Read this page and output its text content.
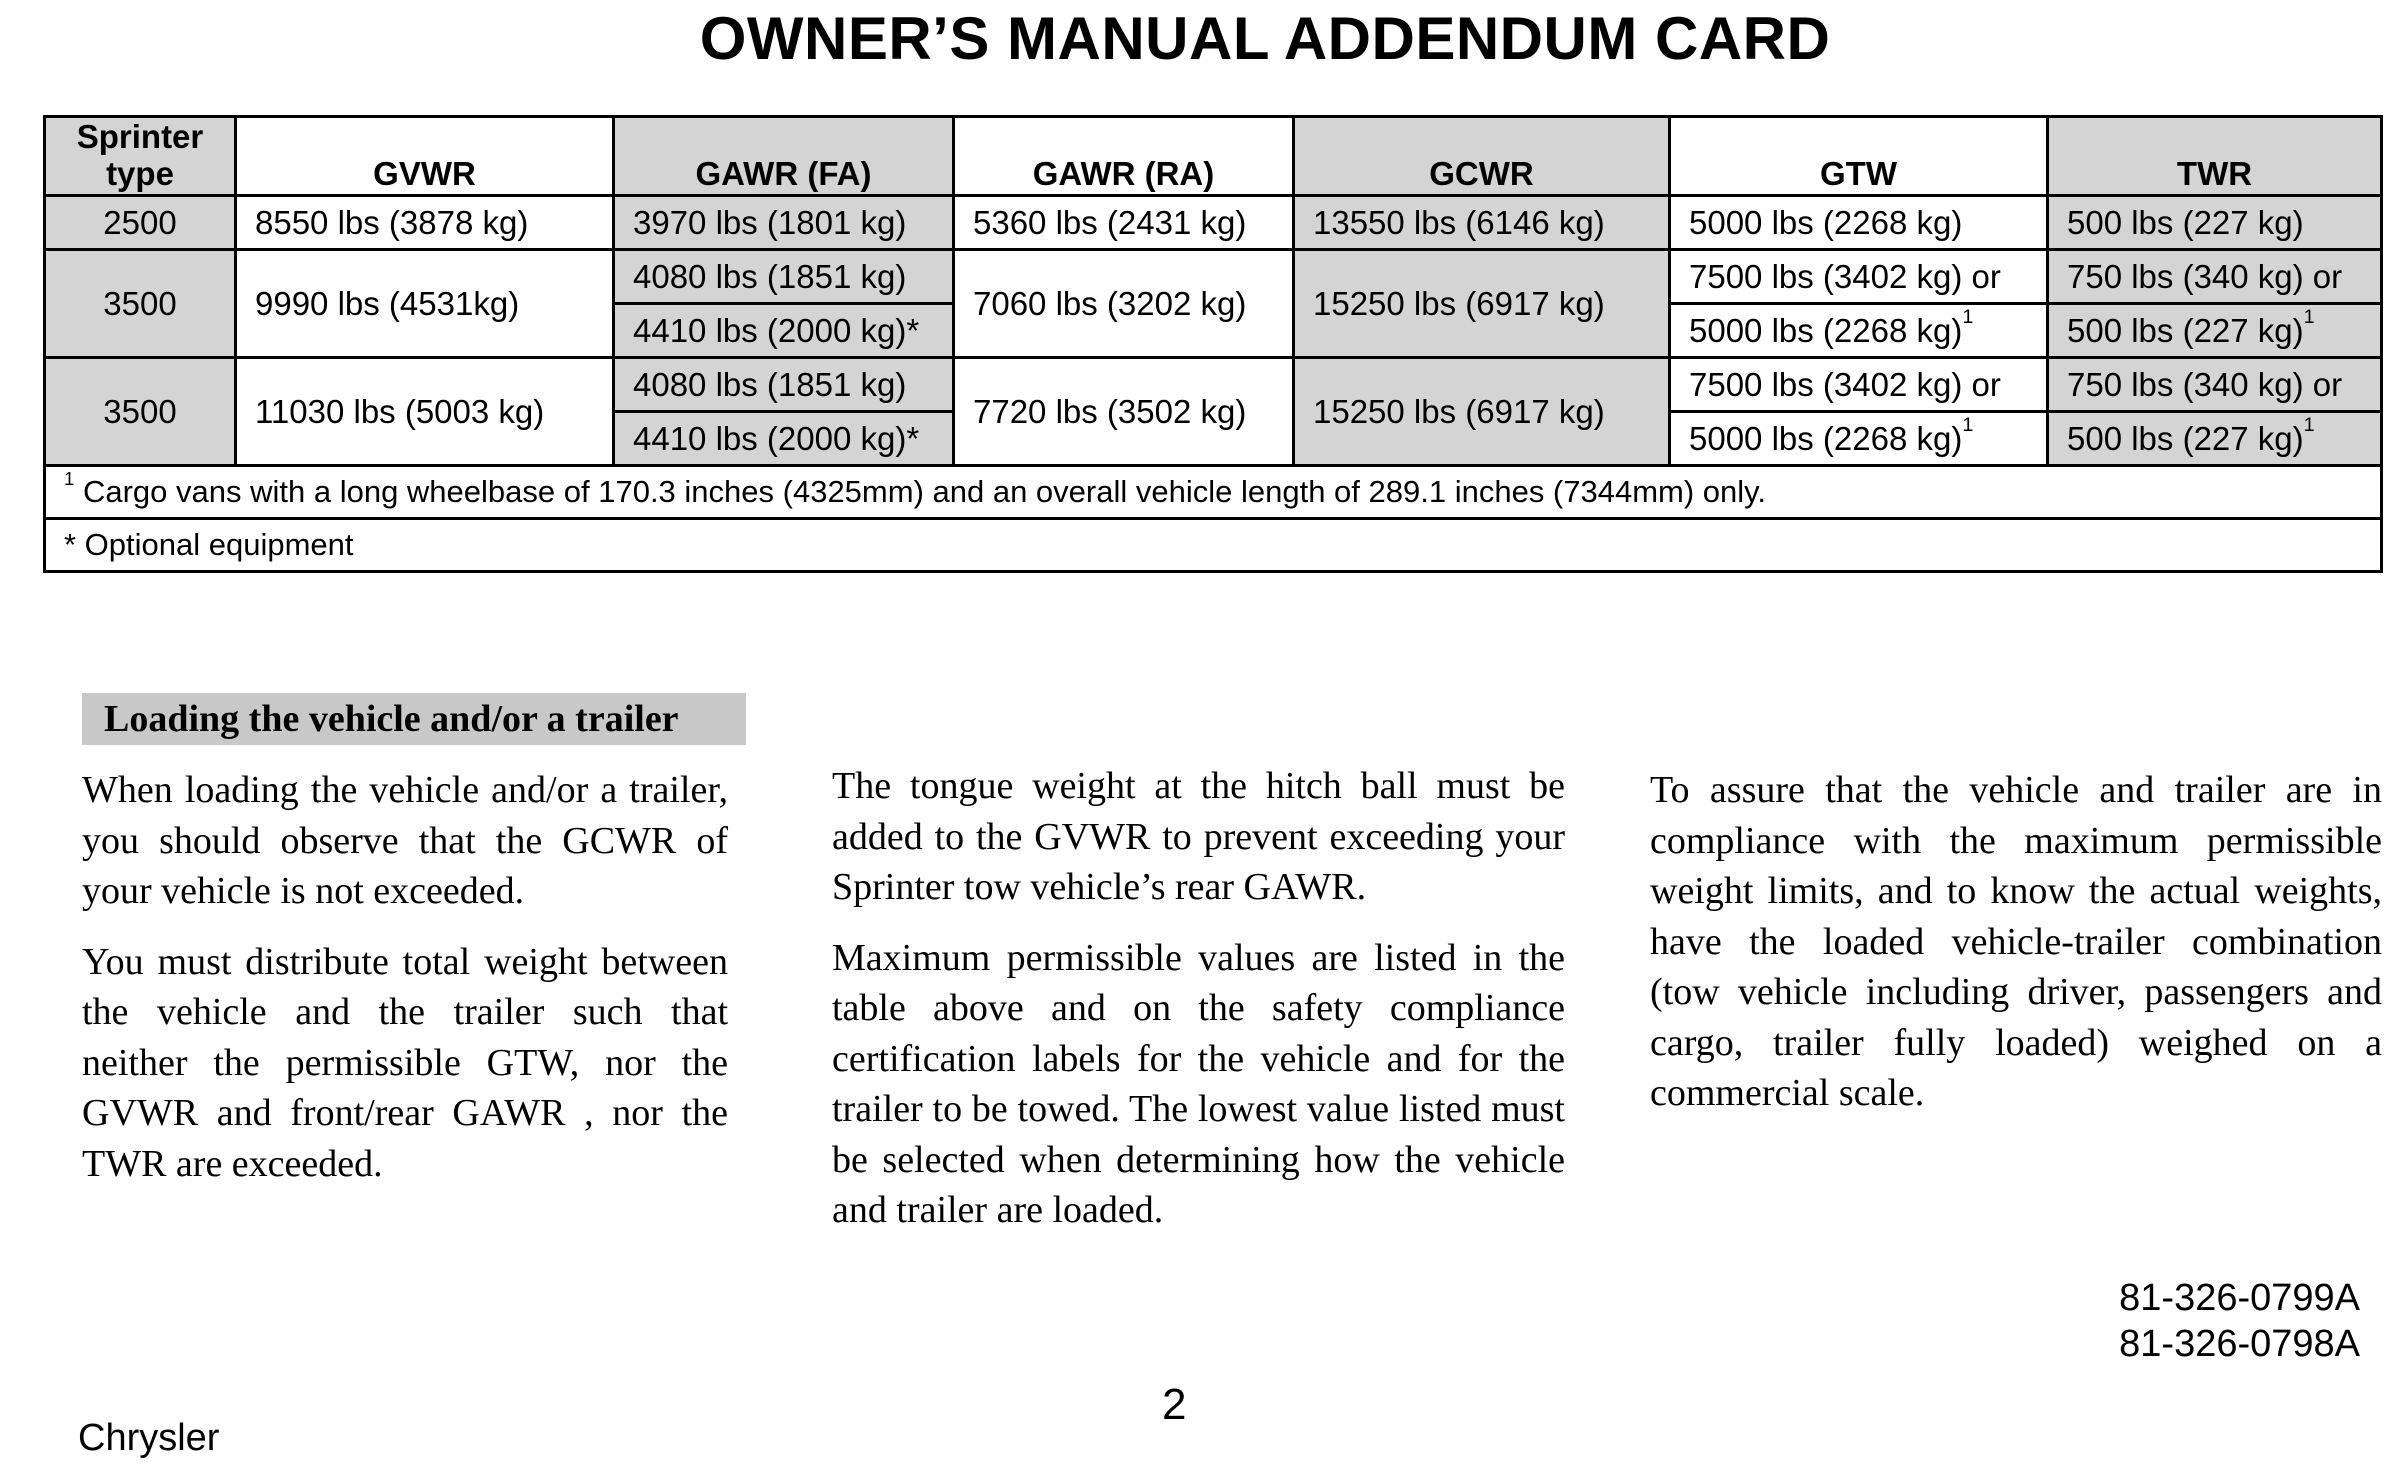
OWNER’S MANUAL ADDENDUM CARD
Sprinter type	GVWR	GAWR (FA)	GAWR (RA)	GCWR	GTW	TWR
2500	8550 lbs (3878 kg)	3970 lbs (1801 kg)	5360 lbs (2431 kg)	13550 lbs (6146 kg)	5000 lbs (2268 kg)	500 lbs (227 kg)
3500	9990 lbs (4531kg)	4080 lbs (1851 kg)	7060 lbs (3202 kg)	15250 lbs (6917 kg)	7500 lbs (3402 kg) or	750 lbs (340 kg) or
		4410 lbs (2000 kg)*			5000 lbs (2268 kg)$^1$	500 lbs (227 kg)$^1$
3500	11030 lbs (5003 kg)	4080 lbs (1851 kg)	7720 lbs (3502 kg)	15250 lbs (6917 kg)	7500 lbs (3402 kg) or	750 lbs (340 kg) or
		4410 lbs (2000 kg)*			5000 lbs (2268 kg)$^1$	500 lbs (227 kg)$^1$
$^1$ Cargo vans with a long wheelbase of 170.3 inches (4325mm) and an overall vehicle length of 289.1 inches (7344mm) only.						
* Optional equipment						
Loading the vehicle and/or a trailer

When loading the vehicle and/or a trailer, you should observe that the GCWR of your vehicle is not exceeded.

You must distribute total weight between the vehicle and the trailer such that neither the permissible GTW, nor the GVWR and front/rear GAWR , nor the TWR are exceeded.

The tongue weight at the hitch ball must be added to the GVWR to prevent exceeding your Sprinter tow vehicle’s rear GAWR.

Maximum permissible values are listed in the table above and on the safety compliance certification labels for the vehicle and for the trailer to be towed. The lowest value listed must be selected when determining how the vehicle and trailer are loaded.

To assure that the vehicle and trailer are in compliance with the maximum permissible weight limits, and to know the actual weights, have the loaded vehicle-trailer combination (tow vehicle including driver, passengers and cargo, trailer fully loaded) weighed on a commercial scale.

81-326-0799A
81-326-0798A
2
Chrysler
